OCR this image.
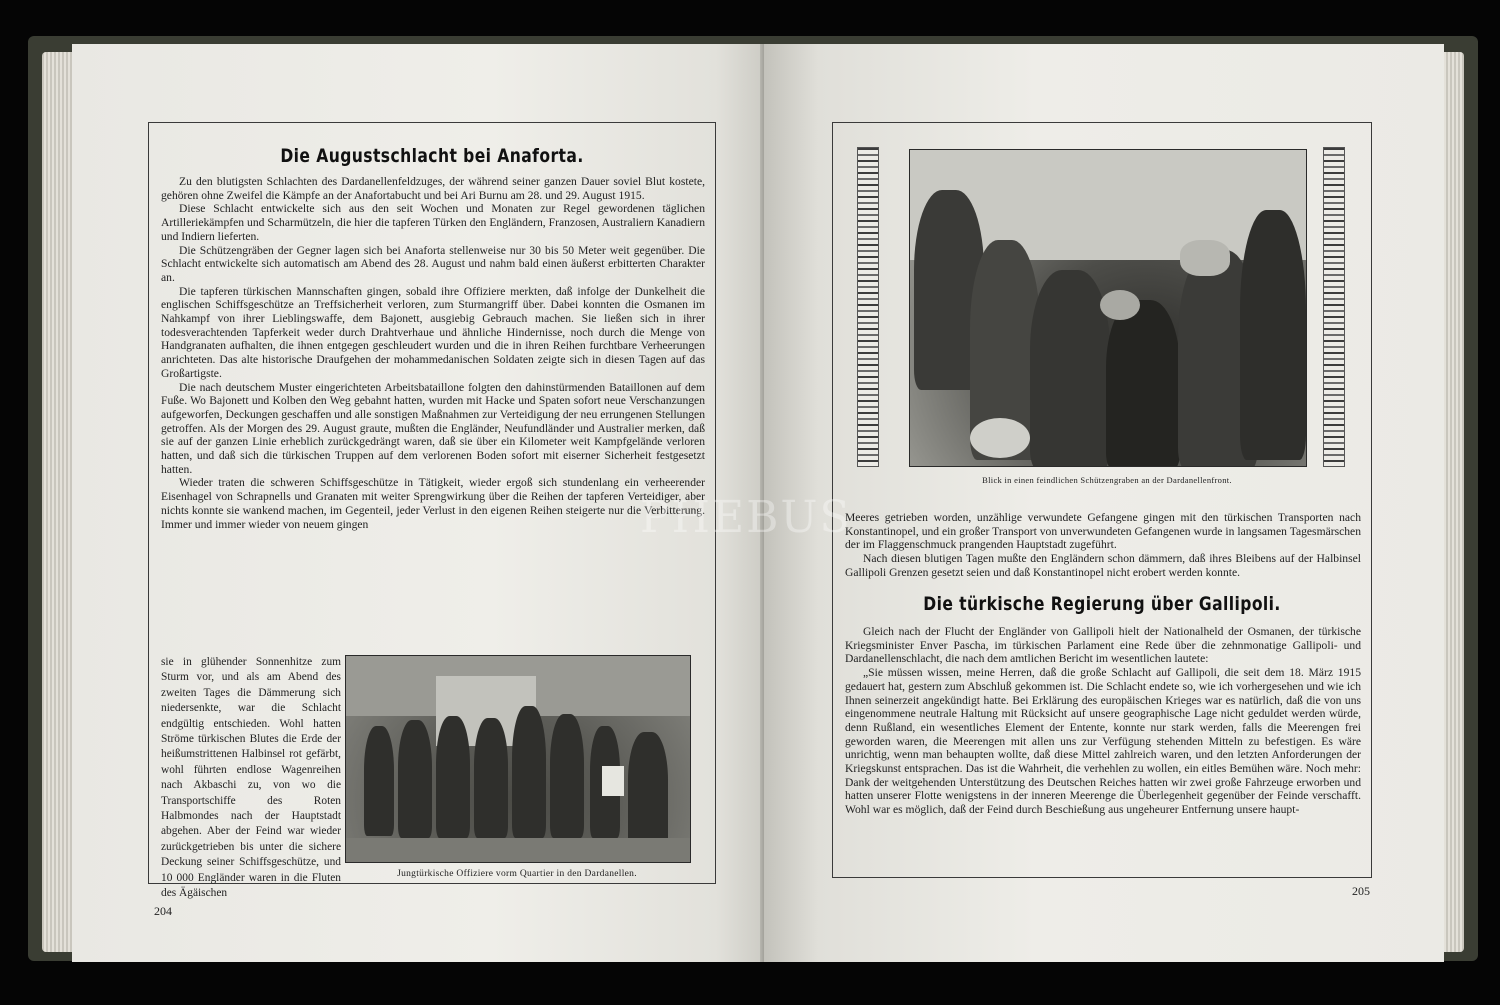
Die Augustschlacht bei Anaforta.

Zu den blutigsten Schlachten des Dardanellenfeldzuges, der während seiner ganzen Dauer soviel Blut kostete, gehören ohne Zweifel die Kämpfe an der Anafortabucht und bei Ari Burnu am 28. und 29. August 1915.

Diese Schlacht entwickelte sich aus den seit Wochen und Monaten zur Regel gewordenen täglichen Artilleriekämpfen und Scharmützeln, die hier die tapferen Türken den Engländern, Franzosen, Australiern Kanadiern und Indiern lieferten.

Die Schützengräben der Gegner lagen sich bei Anaforta stellenweise nur 30 bis 50 Meter weit gegenüber. Die Schlacht entwickelte sich automatisch am Abend des 28. August und nahm bald einen äußerst erbitterten Charakter an.

Die tapferen türkischen Mannschaften gingen, sobald ihre Offiziere merkten, daß infolge der Dunkelheit die englischen Schiffsgeschütze an Treffsicherheit verloren, zum Sturmangriff über. Dabei konnten die Osmanen im Nahkampf von ihrer Lieblingswaffe, dem Bajonett, ausgiebig Gebrauch machen. Sie ließen sich in ihrer todesverachtenden Tapferkeit weder durch Drahtverhaue und ähnliche Hindernisse, noch durch die Menge von Handgranaten aufhalten, die ihnen entgegen geschleudert wurden und die in ihren Reihen furchtbare Verheerungen anrichteten. Das alte historische Draufgehen der mohammedanischen Soldaten zeigte sich in diesen Tagen auf das Großartigste.

Die nach deutschem Muster eingerichteten Arbeitsbataillone folgten den dahinstürmenden Bataillonen auf dem Fuße. Wo Bajonett und Kolben den Weg gebahnt hatten, wurden mit Hacke und Spaten sofort neue Verschanzungen aufgeworfen, Deckungen geschaffen und alle sonstigen Maßnahmen zur Verteidigung der neu errungenen Stellungen getroffen. Als der Morgen des 29. August graute, mußten die Engländer, Neufundländer und Australier merken, daß sie auf der ganzen Linie erheblich zurückgedrängt waren, daß sie über ein Kilometer weit Kampfgelände verloren hatten, und daß sich die türkischen Truppen auf dem verlorenen Boden sofort mit eiserner Sicherheit festgesetzt hatten.

Wieder traten die schweren Schiffsgeschütze in Tätigkeit, wieder ergoß sich stundenlang ein verheerender Eisenhagel von Schrapnells und Granaten mit weiter Sprengwirkung über die Reihen der tapferen Verteidiger, aber nichts konnte sie wankend machen, im Gegenteil, jeder Verlust in den eigenen Reihen steigerte nur die Verbitterung. Immer und immer wieder von neuem gingen

sie in glühender Sonnenhitze zum Sturm vor, und als am Abend des zweiten Tages die Dämmerung sich niedersenkte, war die Schlacht endgültig entschieden. Wohl hatten Ströme türkischen Blutes die Erde der heißumstrittenen Halbinsel rot gefärbt, wohl führten endlose Wagenreihen nach Akbaschi zu, von wo die Transportschiffe des Roten Halbmondes nach der Hauptstadt abgehen. Aber der Feind war wieder zurückgetrieben bis unter die sichere Deckung seiner Schiffsgeschütze, und 10 000 Engländer waren in die Fluten des Ägäischen

Jungtürkische Offiziere vorm Quartier in den Dardanellen.
204
Blick in einen feindlichen Schützengraben an der Dardanellenfront.

Meeres getrieben worden, unzählige verwundete Gefangene gingen mit den türkischen Transporten nach Konstantinopel, und ein großer Transport von unverwundeten Gefangenen wurde in langsamen Tagesmärschen der im Flaggenschmuck prangenden Hauptstadt zugeführt.

Nach diesen blutigen Tagen mußte den Engländern schon dämmern, daß ihres Bleibens auf der Halbinsel Gallipoli Grenzen gesetzt seien und daß Konstantinopel nicht erobert werden konnte.

Die türkische Regierung über Gallipoli.

Gleich nach der Flucht der Engländer von Gallipoli hielt der Nationalheld der Osmanen, der türkische Kriegsminister Enver Pascha, im türkischen Parlament eine Rede über die zehnmonatige Gallipoli- und Dardanellenschlacht, die nach dem amtlichen Bericht im wesentlichen lautete:

„Sie müssen wissen, meine Herren, daß die große Schlacht auf Gallipoli, die seit dem 18. März 1915 gedauert hat, gestern zum Abschluß gekommen ist. Die Schlacht endete so, wie ich vorhergesehen und wie ich Ihnen seinerzeit angekündigt hatte. Bei Erklärung des europäischen Krieges war es natürlich, daß die von uns eingenommene neutrale Haltung mit Rücksicht auf unsere geographische Lage nicht geduldet werden würde, denn Rußland, ein wesentliches Element der Entente, konnte nur stark werden, falls die Meerengen frei geworden waren, die Meerengen mit allen uns zur Verfügung stehenden Mitteln zu befestigen. Es wäre unrichtig, wenn man behaupten wollte, daß diese Mittel zahlreich waren, und den letzten Anforderungen der Kriegskunst entsprachen. Das ist die Wahrheit, die verhehlen zu wollen, ein eitles Bemühen wäre. Noch mehr: Dank der weitgehenden Unterstützung des Deutschen Reiches hatten wir zwei große Fahrzeuge erworben und hatten unserer Flotte wenigstens in der inneren Meerenge die Überlegenheit gegenüber der Feinde verschafft. Wohl war es möglich, daß der Feind durch Beschießung aus ungeheurer Entfernung unsere haupt-

205
PHEBUS
